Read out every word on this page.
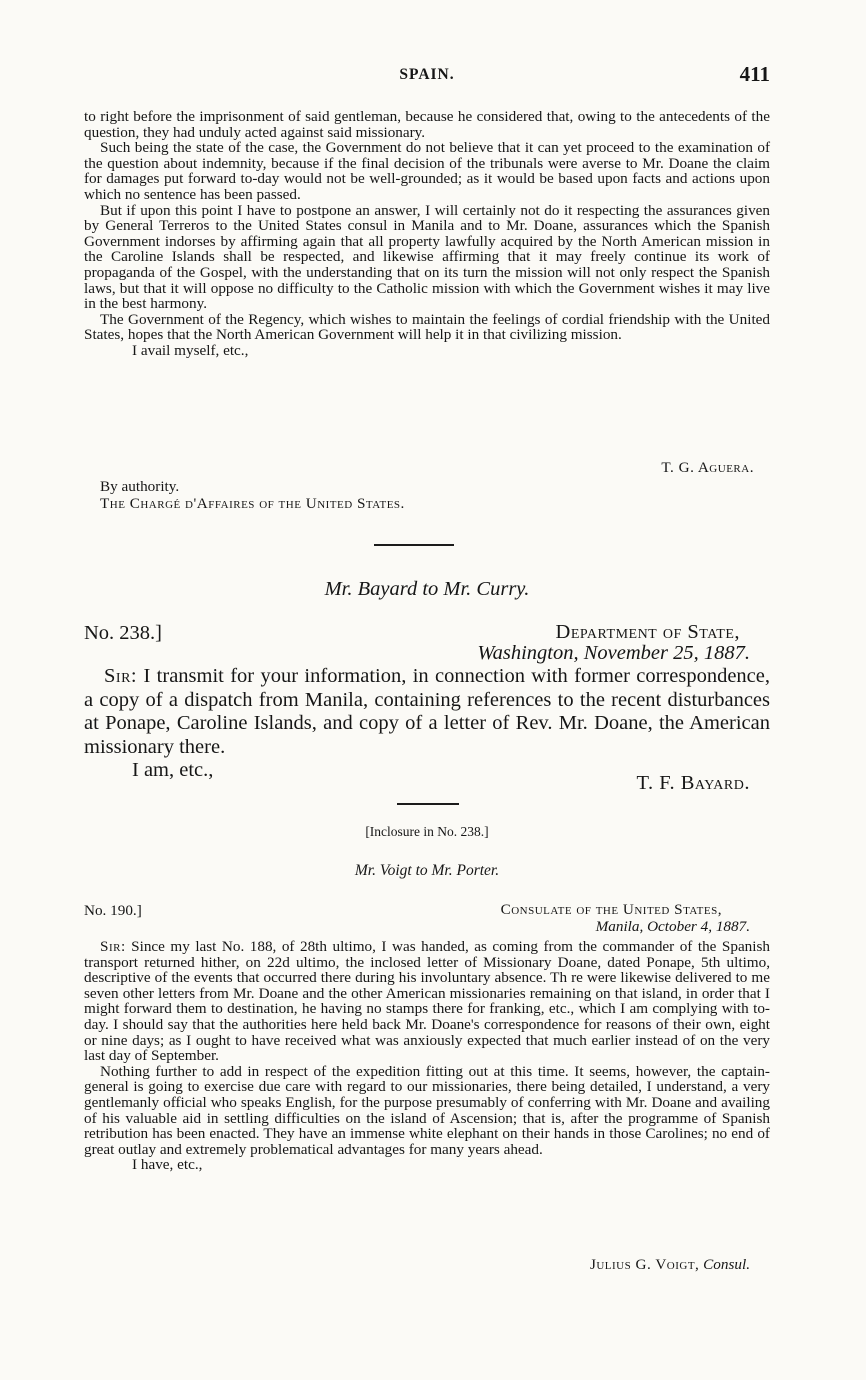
SPAIN.	411

to right before the imprisonment of said gentleman, because he considered that, owing to the antecedents of the question, they had unduly acted against said missionary.

Such being the state of the case, the Government do not believe that it can yet proceed to the examination of the question about indemnity, because if the final decision of the tribunals were averse to Mr. Doane the claim for damages put forward to-day would not be well-grounded; as it would be based upon facts and actions upon which no sentence has been passed.

But if upon this point I have to postpone an answer, I will certainly not do it respecting the assurances given by General Terreros to the United States consul in Manila and to Mr. Doane, assurances which the Spanish Government indorses by affirming again that all property lawfully acquired by the North American mission in the Caroline Islands shall be respected, and likewise affirming that it may freely continue its work of propaganda of the Gospel, with the understanding that on its turn the mission will not only respect the Spanish laws, but that it will oppose no difficulty to the Catholic mission with which the Government wishes it may live in the best harmony.

The Government of the Regency, which wishes to maintain the feelings of cordial friendship with the United States, hopes that the North American Government will help it in that civilizing mission.

I avail myself, etc.,

T. G. Aguera.
By authority.
The Chargé d'Affaires of the United States.
Mr. Bayard to Mr. Curry.
No. 238.]	Department of State,
Washington, November 25, 1887.

Sir: I transmit for your information, in connection with former correspondence, a copy of a dispatch from Manila, containing references to the recent disturbances at Ponape, Caroline Islands, and copy of a letter of Rev. Mr. Doane, the American missionary there.

I am, etc.,

T. F. Bayard.
[Inclosure in No. 238.]
Mr. Voigt to Mr. Porter.
No. 190.]	Consulate of the United States,
Manila, October 4, 1887.

Sir: Since my last No. 188, of 28th ultimo, I was handed, as coming from the commander of the Spanish transport returned hither, on 22d ultimo, the inclosed letter of Missionary Doane, dated Ponape, 5th ultimo, descriptive of the events that occurred there during his involuntary absence. Th re were likewise delivered to me seven other letters from Mr. Doane and the other American missionaries remaining on that island, in order that I might forward them to destination, he having no stamps there for franking, etc., which I am complying with to-day. I should say that the authorities here held back Mr. Doane's correspondence for reasons of their own, eight or nine days; as I ought to have received what was anxiously expected that much earlier instead of on the very last day of September.

Nothing further to add in respect of the expedition fitting out at this time. It seems, however, the captain-general is going to exercise due care with regard to our missionaries, there being detailed, I understand, a very gentlemanly official who speaks English, for the purpose presumably of conferring with Mr. Doane and availing of his valuable aid in settling difficulties on the island of Ascension; that is, after the programme of Spanish retribution has been enacted. They have an immense white elephant on their hands in those Carolines; no end of great outlay and extremely problematical advantages for many years ahead.

I have, etc.,

Julius G. Voigt, Consul.
